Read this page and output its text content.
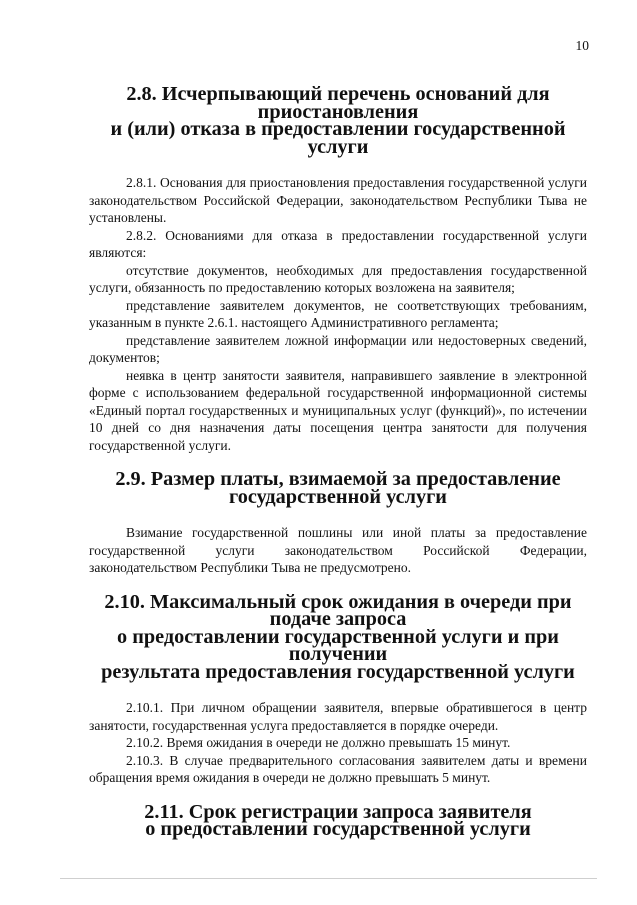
10
2.8. Исчерпывающий перечень оснований для приостановления
и (или) отказа в предоставлении государственной услуги

2.8.1. Основания для приостановления предоставления государственной услуги законодательством Российской Федерации, законодательством Республики Тыва не установлены.

2.8.2. Основаниями для отказа в предоставлении государственной услуги являются:

отсутствие документов, необходимых для предоставления государственной услуги, обязанность по предоставлению которых возложена на заявителя;

представление заявителем документов, не соответствующих требованиям, указанным в пункте 2.6.1. настоящего Административного регламента;

представление заявителем ложной информации или недостоверных сведений, документов;

неявка в центр занятости заявителя, направившего заявление в электронной форме с использованием федеральной государственной информационной системы «Единый портал государственных и муниципальных услуг (функций)», по истечении 10 дней со дня назначения даты посещения центра занятости для получения государственной услуги.

2.9. Размер платы, взимаемой за предоставление
государственной услуги

Взимание государственной пошлины или иной платы за предоставление государственной услуги законодательством Российской Федерации, законодательством Республики Тыва не предусмотрено.

2.10. Максимальный срок ожидания в очереди при подаче запроса
о предоставлении государственной услуги и при получении
результата предоставления государственной услуги

2.10.1. При личном обращении заявителя, впервые обратившегося в центр занятости, государственная услуга предоставляется в порядке очереди.

2.10.2. Время ожидания в очереди не должно превышать 15 минут.

2.10.3. В случае предварительного согласования заявителем даты и времени обращения время ожидания в очереди не должно превышать 5 минут.

2.11. Срок регистрации запроса заявителя
о предоставлении государственной услуги
